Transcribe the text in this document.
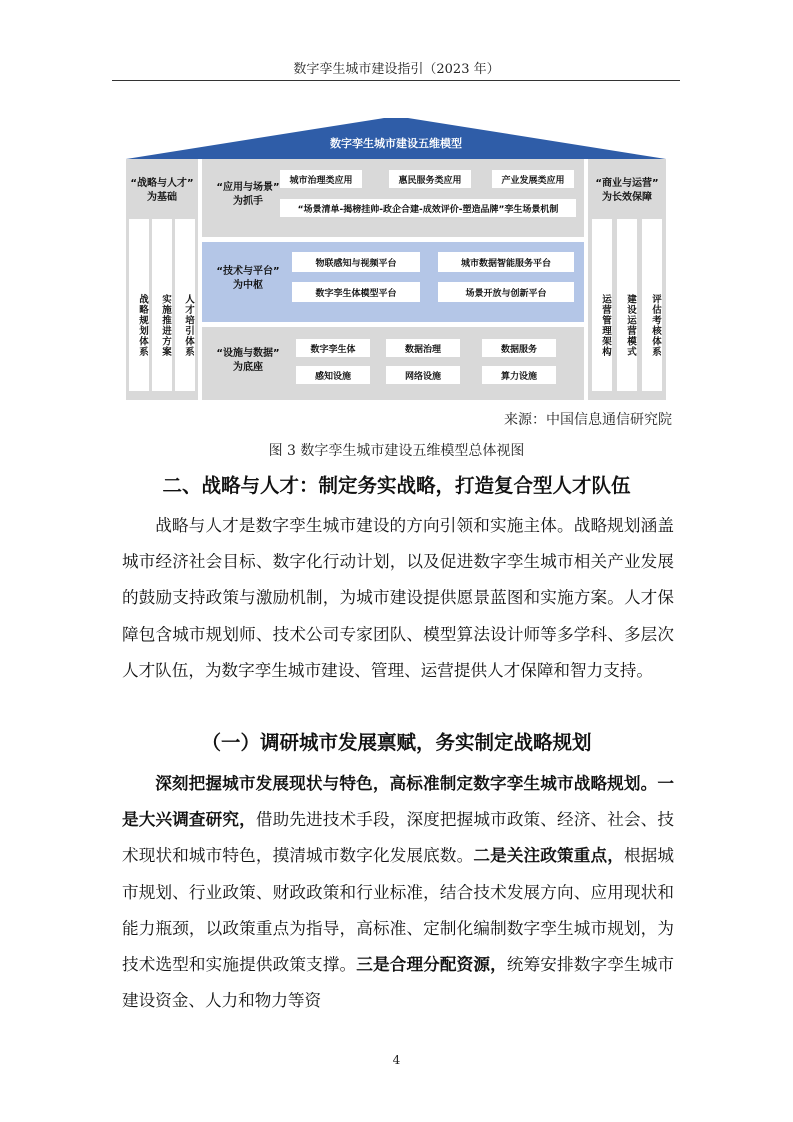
数字孪生城市建设指引（2023 年）
数字孪生城市建设五维模型
“战略与人才”
为基础
战略规划体系	实施推进方案	人才培引体系
“商业与运营”
为长效保障
运营管理架构	建设运营模式	评估考核体系
“应用与场景”
为抓手
城市治理类应用	惠民服务类应用	产业发展类应用
“场景清单-揭榜挂帅-政企合建-成效评价-塑造品牌”孪生场景机制
“技术与平台”
为中枢
物联感知与视频平台	城市数据智能服务平台
数字孪生体模型平台	场景开放与创新平台
“设施与数据”
为底座
数字孪生体	数据治理	数据服务
感知设施	网络设施	算力设施
来源：中国信息通信研究院
图 3 数字孪生城市建设五维模型总体视图
二、战略与人才：制定务实战略，打造复合型人才队伍
战略与人才是数字孪生城市建设的方向引领和实施主体。战略规划涵盖城市经济社会目标、数字化行动计划，以及促进数字孪生城市相关产业发展的鼓励支持政策与激励机制，为城市建设提供愿景蓝图和实施方案。人才保障包含城市规划师、技术公司专家团队、模型算法设计师等多学科、多层次人才队伍，为数字孪生城市建设、管理、运营提供人才保障和智力支持。
（一）调研城市发展禀赋，务实制定战略规划
深刻把握城市发展现状与特色，高标准制定数字孪生城市战略规划。一是大兴调查研究，借助先进技术手段，深度把握城市政策、经济、社会、技术现状和城市特色，摸清城市数字化发展底数。二是关注政策重点，根据城市规划、行业政策、财政政策和行业标准，结合技术发展方向、应用现状和能力瓶颈，以政策重点为指导，高标准、定制化编制数字孪生城市规划，为技术选型和实施提供政策支撑。三是合理分配资源，统筹安排数字孪生城市建设资金、人力和物力等资
4
